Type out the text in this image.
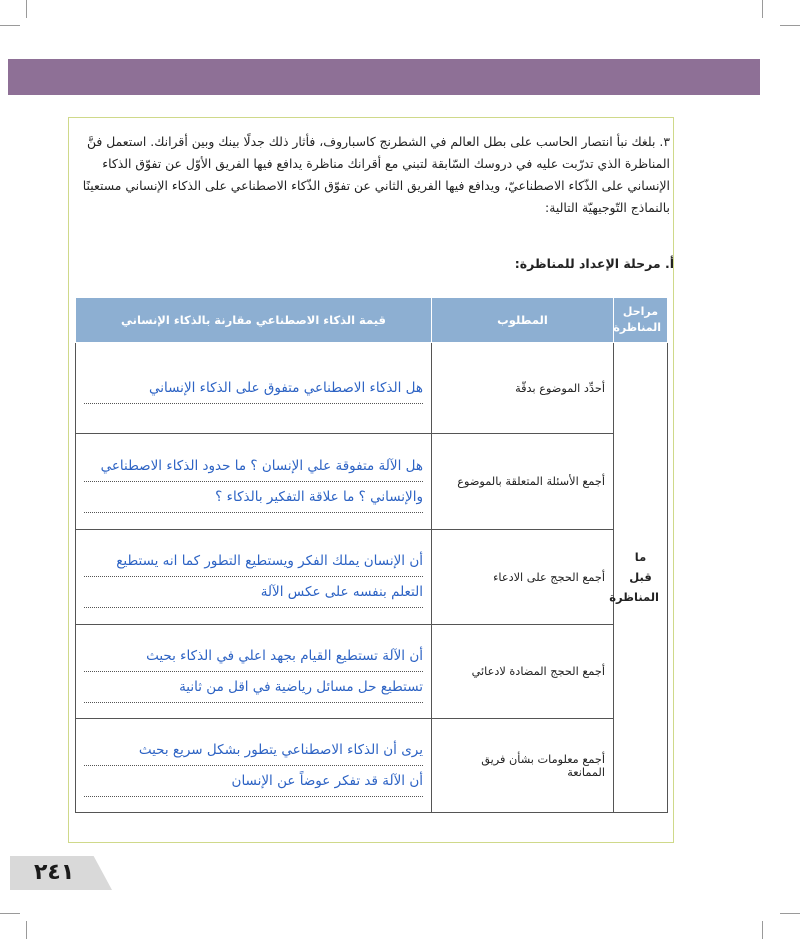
٣. بلغك نبأ انتصار الحاسب على بطل العالم في الشطرنج كاسباروف، فأثار ذلك جدلًا بينك وبين أقرانك. استعمل فنَّ المناظرة الذي تدرّبت عليه في دروسك السّابقة لتبني مع أقرانك مناظرة يدافع فيها الفريق الأوّل عن تفوّق الذكاء الإنساني على الذّكاء الاصطناعيّ، ويدافع فيها الفريق الثاني عن تفوّق الذّكاء الاصطناعي على الذكاء الإنساني مستعينًا بالنماذج التّوجيهيّة التالية:
أ. مرحلة الإعداد للمناظرة:
مراحل المناظرة	المطلوب	قيمة الذكاء الاصطناعي مقارنة بالذكاء الإنساني
	أحدِّد الموضوع بدقّة	هل الذكاء الاصطناعي متفوق على الذكاء الإنساني

	أجمع الأسئلة المتعلقة بالموضوع	هل الآلة متفوقة علي الإنسان ؟ ما حدود الذكاء الاصطناعي
والإنساني ؟ ما علاقة التفكير بالذكاء ؟

ما قبل المناظرة	أجمع الحجج على الادعاء	أن الإنسان يملك الفكر ويستطيع التطور كما انه يستطيع
التعلم بنفسه على عكس الآلة

	أجمع الحجج المضادة لادعائي	أن الآلة تستطيع القيام بجهد اعلي في الذكاء بحيث
تستطيع حل مسائل رياضية في اقل من ثانية

	أجمع معلومات بشأن فريق الممانعة	يرى أن الذكاء الاصطناعي يتطور بشكل سريع بحيث
أن الآلة قد تفكر عوضاً عن الإنسان
٢٤١
